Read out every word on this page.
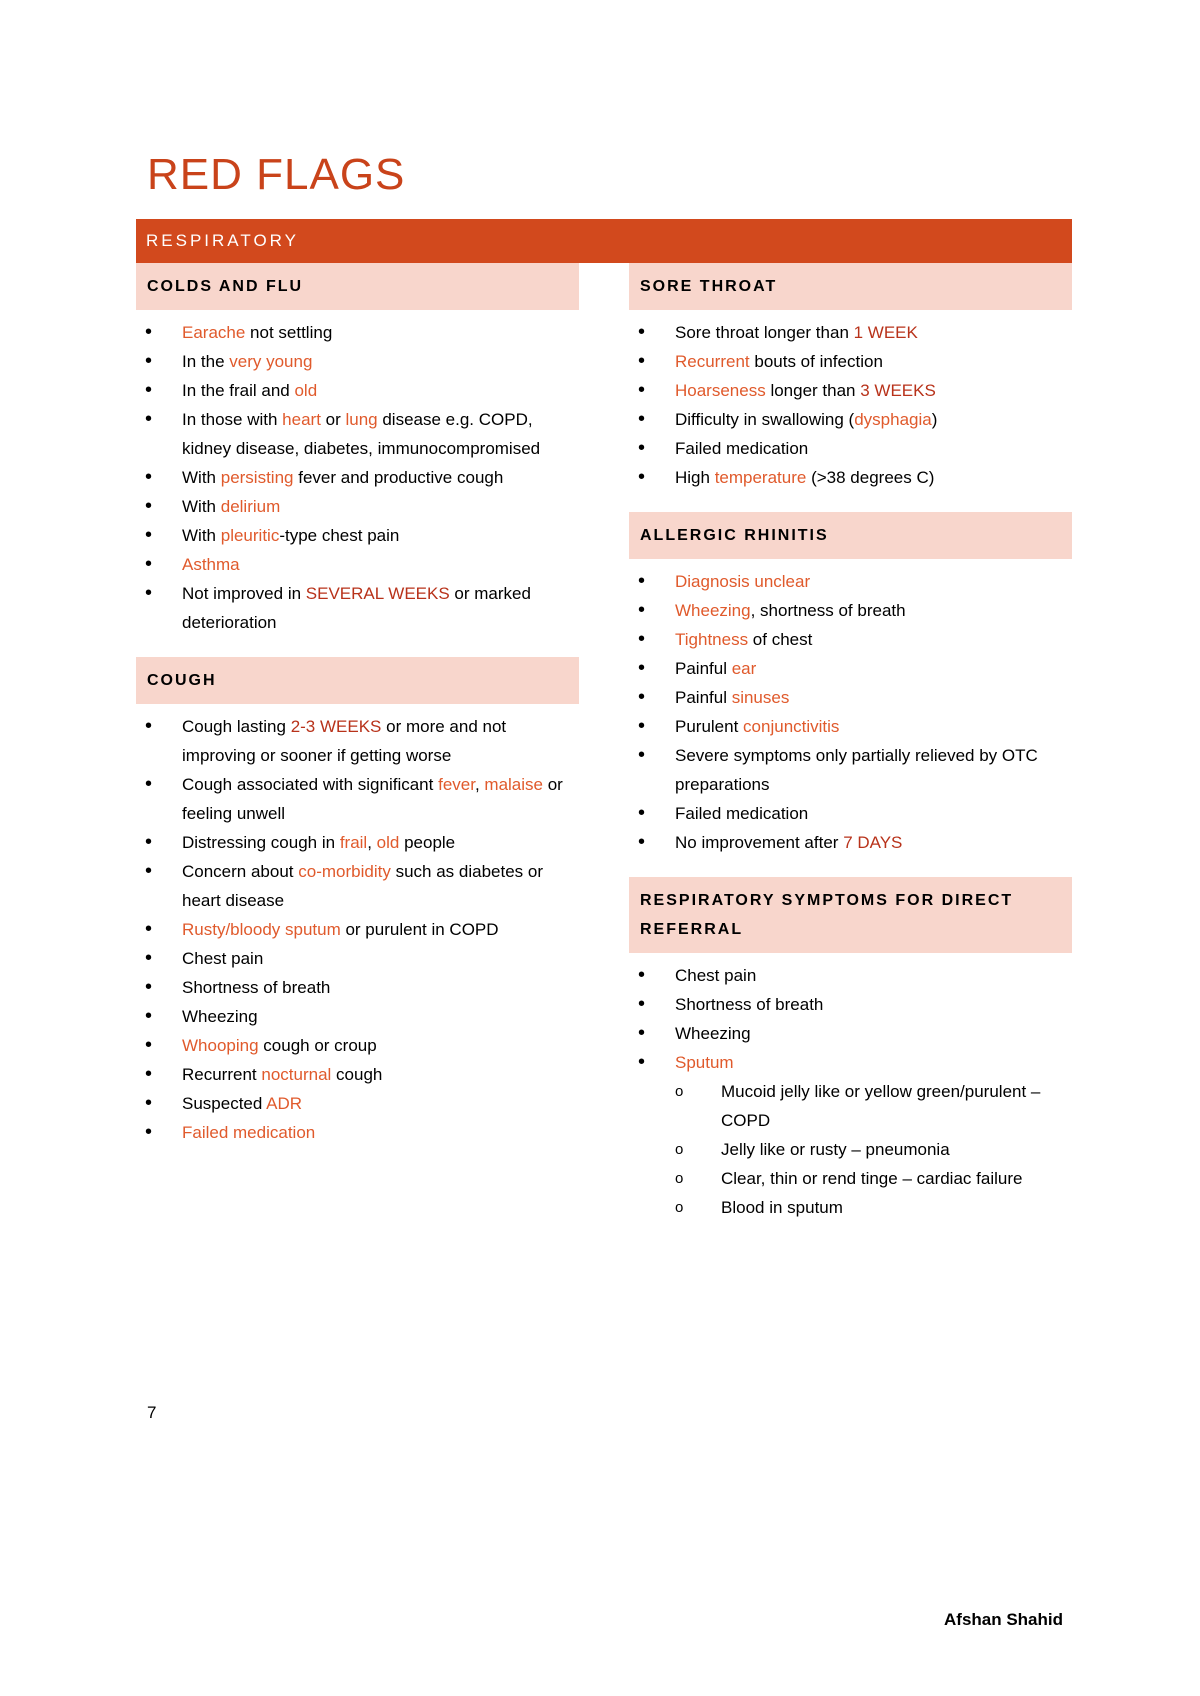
RED FLAGS
RESPIRATORY
COLDS AND FLU
• Earache not settling
• In the very young
• In the frail and old
• In those with heart or lung disease e.g. COPD, kidney disease, diabetes, immunocompromised
• With persisting fever and productive cough
• With delirium
• With pleuritic-type chest pain
• Asthma
• Not improved in SEVERAL WEEKS or marked deterioration
COUGH
• Cough lasting 2-3 WEEKS or more and not improving or sooner if getting worse
• Cough associated with significant fever, malaise or feeling unwell
• Distressing cough in frail, old people
• Concern about co-morbidity such as diabetes or heart disease
• Rusty/bloody sputum or purulent in COPD
• Chest pain
• Shortness of breath
• Wheezing
• Whooping cough or croup
• Recurrent nocturnal cough
• Suspected ADR
• Failed medication
SORE THROAT
• Sore throat longer than 1 WEEK
• Recurrent bouts of infection
• Hoarseness longer than 3 WEEKS
• Difficulty in swallowing (dysphagia)
• Failed medication
• High temperature (>38 degrees C)
ALLERGIC RHINITIS
• Diagnosis unclear
• Wheezing, shortness of breath
• Tightness of chest
• Painful ear
• Painful sinuses
• Purulent conjunctivitis
• Severe symptoms only partially relieved by OTC preparations
• Failed medication
• No improvement after 7 DAYS
RESPIRATORY SYMPTOMS FOR DIRECT REFERRAL
• Chest pain
• Shortness of breath
• Wheezing
• Sputum
o Mucoid jelly like or yellow green/purulent – COPD
o Jelly like or rusty – pneumonia
o Clear, thin or rend tinge – cardiac failure
o Blood in sputum
7
Afshan Shahid
